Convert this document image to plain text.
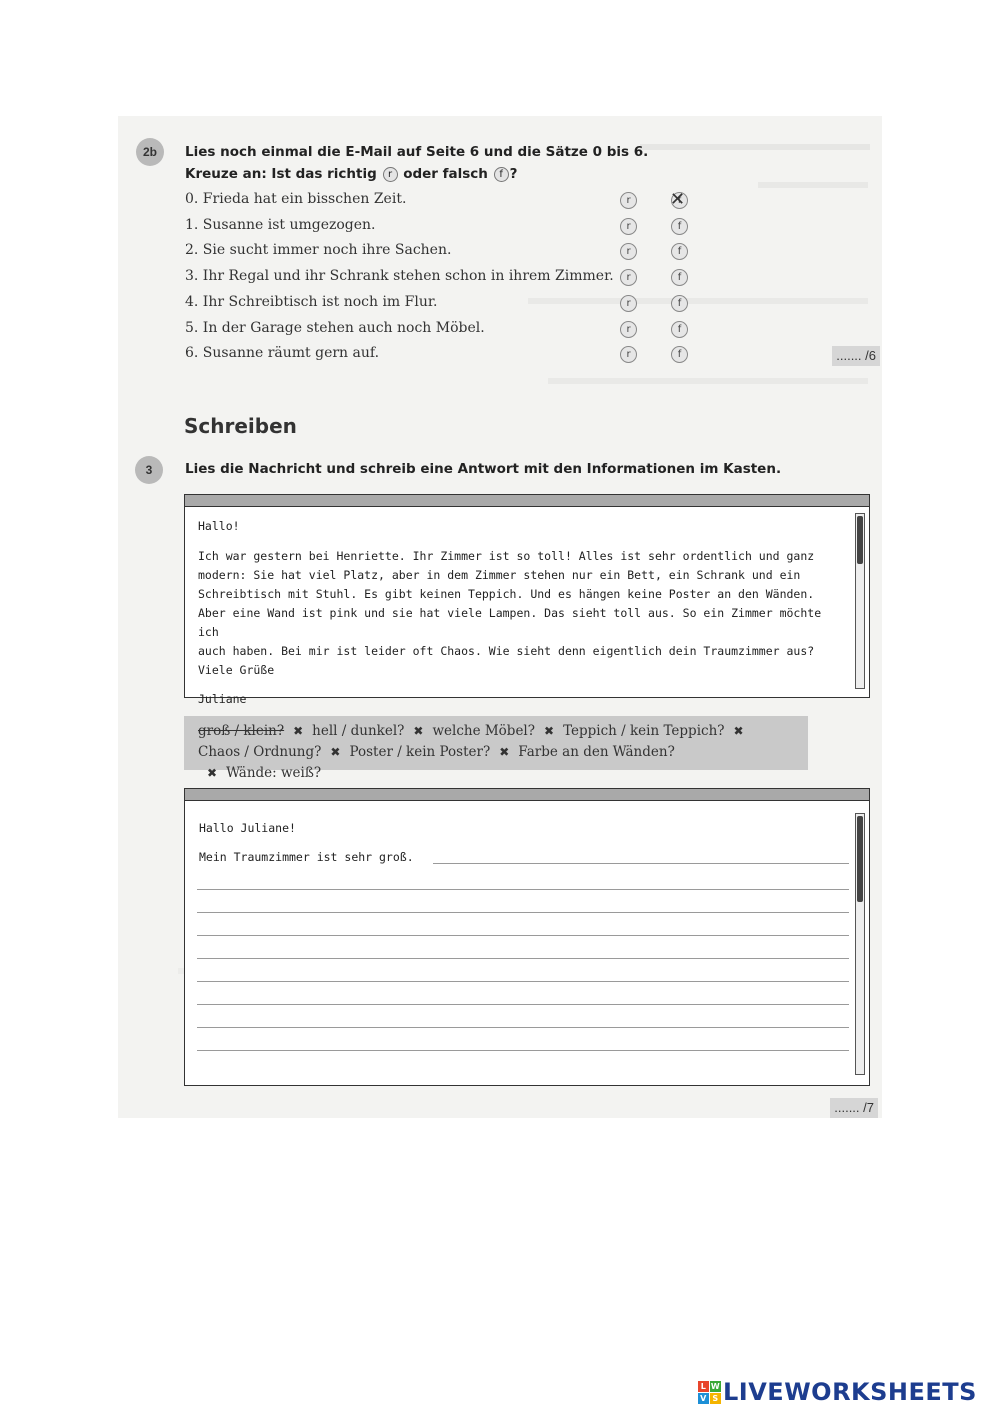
2b Lies noch einmal die E-Mail auf Seite 6 und die Sätze 0 bis 6.
Kreuze an: Ist das richtig r oder falsch f ?
0. Frieda hat ein bisschen Zeit.	r	f ✕
1. Susanne ist umgezogen.	r	f
2. Sie sucht immer noch ihre Sachen.	r	f
3. Ihr Regal und ihr Schrank stehen schon in ihrem Zimmer.	r	f
4. Ihr Schreibtisch ist noch im Flur.	r	f
5. In der Garage stehen auch noch Möbel.	r	f
6. Susanne räumt gern auf.	r	f	....... /6
Schreiben
3 Lies die Nachricht und schreib eine Antwort mit den Informationen im Kasten.
Hallo!
Ich war gestern bei Henriette. Ihr Zimmer ist so toll! Alles ist sehr ordentlich und ganz
modern: Sie hat viel Platz, aber in dem Zimmer stehen nur ein Bett, ein Schrank und ein
Schreibtisch mit Stuhl. Es gibt keinen Teppich. Und es hängen keine Poster an den Wänden.
Aber eine Wand ist pink und sie hat viele Lampen. Das sieht toll aus. So ein Zimmer möchte ich
auch haben. Bei mir ist leider oft Chaos. Wie sieht denn eigentlich dein Traumzimmer aus?
Viele Grüße
Juliane
groß / klein? ✖ hell / dunkel? ✖ welche Möbel? ✖ Teppich / kein Teppich? ✖
Chaos / Ordnung? ✖ Poster / kein Poster? ✖ Farbe an den Wänden?✖ Wände: weiß?
Hallo Juliane!
Mein Traumzimmer ist sehr groß.
....... /7
L W
V S LIVEWORKSHEETS
